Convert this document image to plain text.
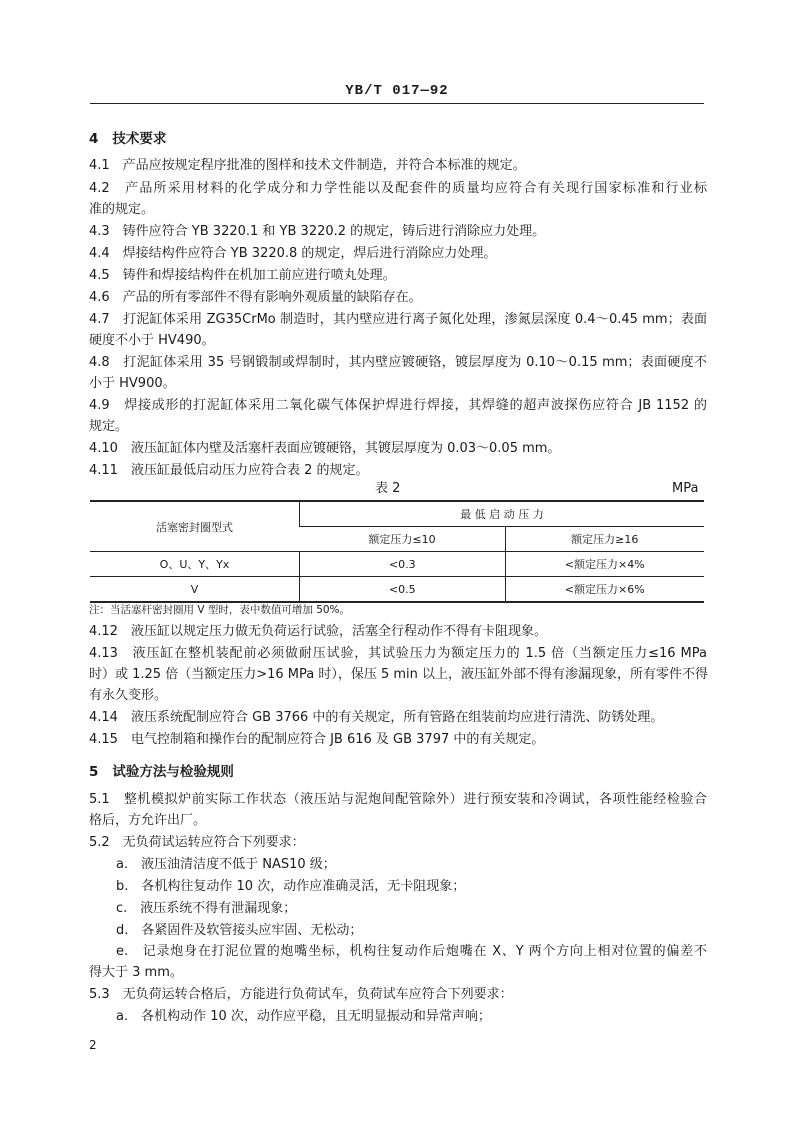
YB/T 017—92
4 技术要求
4.1　产品应按规定程序批准的图样和技术文件制造，并符合本标准的规定。
4.2　产品所采用材料的化学成分和力学性能以及配套件的质量均应符合有关现行国家标准和行业标
准的规定。
4.3　铸件应符合 YB 3220.1 和 YB 3220.2 的规定，铸后进行消除应力处理。
4.4　焊接结构件应符合 YB 3220.8 的规定，焊后进行消除应力处理。
4.5　铸件和焊接结构件在机加工前应进行喷丸处理。
4.6　产品的所有零部件不得有影响外观质量的缺陷存在。
4.7　打泥缸体采用 ZG35CrMo 制造时，其内壁应进行离子氮化处理，渗氮层深度 0.4～0.45 mm；表面
硬度不小于 HV490。
4.8　打泥缸体采用 35 号钢锻制或焊制时，其内壁应镀硬铬，镀层厚度为 0.10～0.15 mm；表面硬度不
小于 HV900。
4.9　焊接成形的打泥缸体采用二氧化碳气体保护焊进行焊接，其焊缝的超声波探伤应符合 JB 1152 的
规定。
4.10　液压缸缸体内壁及活塞杆表面应镀硬铬，其镀层厚度为 0.03～0.05 mm。
4.11　液压缸最低启动压力应符合表 2 的规定。
表 2	MPa
活塞密封圈型式	最 低 启 动 压 力	
	额定压力≤10	额定压力≥16
O、U、Y、Yx	<0.3	<额定压力×4%
V	<0.5	<额定压力×6%
注：当活塞杆密封圈用 V 型时，表中数值可增加 50%。
4.12　液压缸以规定压力做无负荷运行试验，活塞全行程动作不得有卡阻现象。
4.13　液压缸在整机装配前必须做耐压试验，其试验压力为额定压力的 1.5 倍（当额定压力≤16 MPa
时）或 1.25 倍（当额定压力>16 MPa 时），保压 5 min 以上，液压缸外部不得有渗漏现象，所有零件不得
有永久变形。
4.14　液压系统配制应符合 GB 3766 中的有关规定，所有管路在组装前均应进行清洗、防锈处理。
4.15　电气控制箱和操作台的配制应符合 JB 616 及 GB 3797 中的有关规定。
5 试验方法与检验规则
5.1　整机模拟炉前实际工作状态（液压站与泥炮间配管除外）进行预安装和冷调试，各项性能经检验合
格后，方允许出厂。
5.2　无负荷试运转应符合下列要求：
a.　液压油清洁度不低于 NAS10 级；
b.　各机构往复动作 10 次，动作应准确灵活，无卡阻现象；
c.　液压系统不得有泄漏现象；
d.　各紧固件及软管接头应牢固、无松动；
e.　记录炮身在打泥位置的炮嘴坐标，机构往复动作后炮嘴在 X、Y 两个方向上相对位置的偏差不
得大于 3 mm。
5.3　无负荷运转合格后，方能进行负荷试车，负荷试车应符合下列要求：
a.　各机构动作 10 次，动作应平稳，且无明显振动和异常声响；
2
